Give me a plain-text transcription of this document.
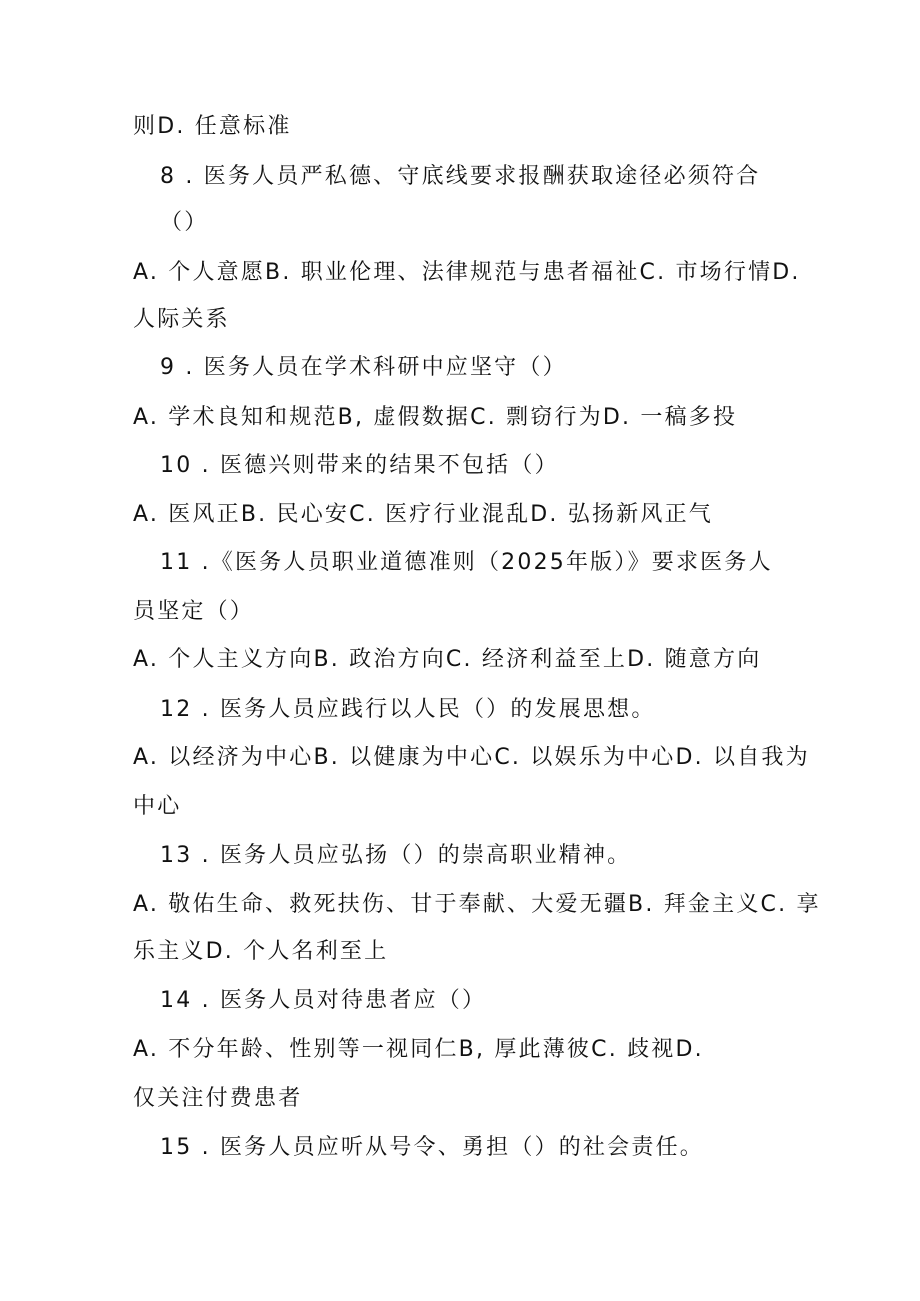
则D. 任意标准
8 . 医务人员严私德、守底线要求报酬获取途径必须符合
（）
A. 个人意愿B. 职业伦理、法律规范与患者福祉C. 市场行情D.
人际关系
9 . 医务人员在学术科研中应坚守（）
A. 学术良知和规范B, 虚假数据C. 剽窃行为D. 一稿多投
10 . 医德兴则带来的结果不包括（）
A. 医风正B. 民心安C. 医疗行业混乱D. 弘扬新风正气
11 .《医务人员职业道德准则（2025年版）》要求医务人
员坚定（）
A. 个人主义方向B. 政治方向C. 经济利益至上D. 随意方向
12 . 医务人员应践行以人民（）的发展思想。
A. 以经济为中心B. 以健康为中心C. 以娱乐为中心D. 以自我为
中心
13 . 医务人员应弘扬（）的崇高职业精神。
A. 敬佑生命、救死扶伤、甘于奉献、大爱无疆B. 拜金主义C. 享
乐主义D. 个人名利至上
14 . 医务人员对待患者应（）
A. 不分年龄、性别等一视同仁B, 厚此薄彼C. 歧视D.
仅关注付费患者
15 . 医务人员应听从号令、勇担（）的社会责任。
